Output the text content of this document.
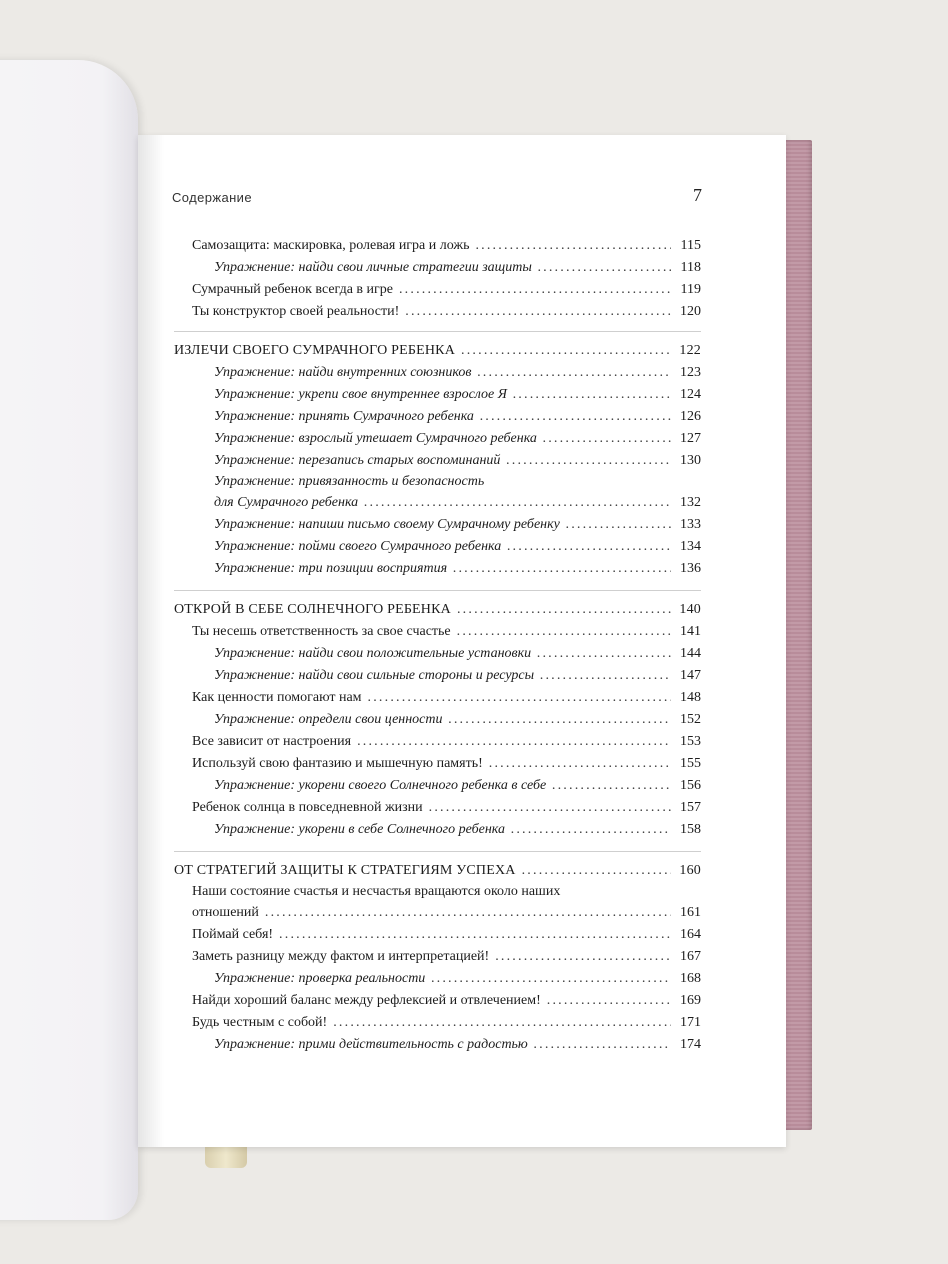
Содержание	7
Самозащита: маскировка, ролевая игра и ложь .....	115
Упражнение: найди свои личные стратегии защиты .....	118
Сумрачный ребенок всегда в игре .....	119
Ты конструктор своей реальности! .....	120
ИЗЛЕЧИ СВОЕГО СУМРАЧНОГО РЕБЕНКА .....	122
Упражнение: найди внутренних союзников .....	123
Упражнение: укрепи свое внутреннее взрослое Я .....	124
Упражнение: принять Сумрачного ребенка .....	126
Упражнение: взрослый утешает Сумрачного ребенка .....	127
Упражнение: перезапись старых воспоминаний .....	130
Упражнение: привязанность и безопасность
для Сумрачного ребенка .....	132
Упражнение: напиши письмо своему Сумрачному ребенку .....	133
Упражнение: пойми своего Сумрачного ребенка .....	134
Упражнение: три позиции восприятия .....	136
ОТКРОЙ В СЕБЕ СОЛНЕЧНОГО РЕБЕНКА .....	140
Ты несешь ответственность за свое счастье .....	141
Упражнение: найди свои положительные установки .....	144
Упражнение: найди свои сильные стороны и ресурсы .....	147
Как ценности помогают нам .....	148
Упражнение: определи свои ценности .....	152
Все зависит от настроения .....	153
Используй свою фантазию и мышечную память! .....	155
Упражнение: укорени своего Солнечного ребенка в себе .....	156
Ребенок солнца в повседневной жизни .....	157
Упражнение: укорени в себе Солнечного ребенка .....	158
ОТ СТРАТЕГИЙ ЗАЩИТЫ К СТРАТЕГИЯМ УСПЕХА .....	160
Наши состояние счастья и несчастья вращаются около наших
отношений .....	161
Поймай себя! .....	164
Заметь разницу между фактом и интерпретацией! .....	167
Упражнение: проверка реальности .....	168
Найди хороший баланс между рефлексией и отвлечением! .....	169
Будь честным с собой! .....	171
Упражнение: прими действительность с радостью .....	174
